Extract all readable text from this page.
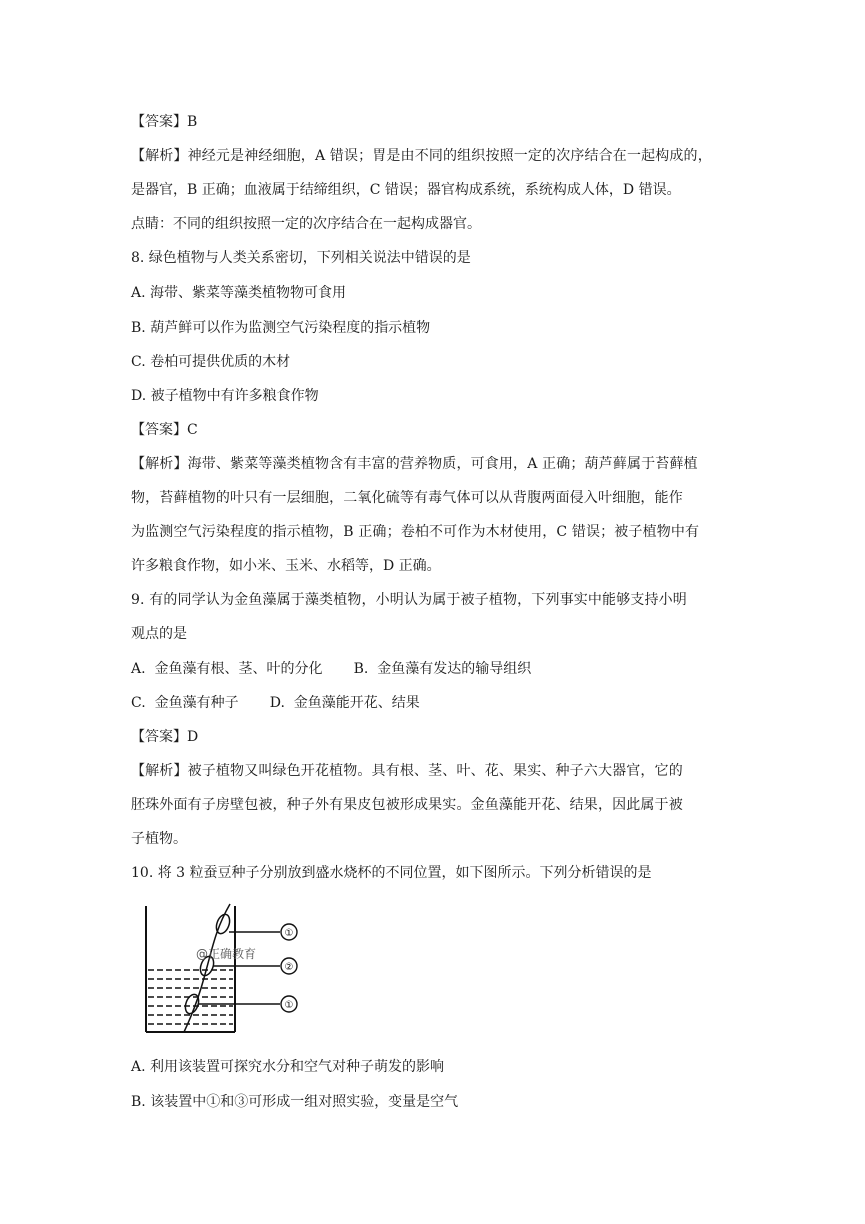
【答案】B
【解析】神经元是神经细胞，A 错误；胃是由不同的组织按照一定的次序结合在一起构成的，
是器官，B 正确；血液属于结缔组织，C 错误；器官构成系统，系统构成人体，D 错误。
点睛：不同的组织按照一定的次序结合在一起构成器官。
8. 绿色植物与人类关系密切，下列相关说法中错误的是
A. 海带、紫菜等藻类植物物可食用
B. 葫芦鲜可以作为监测空气污染程度的指示植物
C. 卷柏可提供优质的木材
D. 被子植物中有许多粮食作物
【答案】C
【解析】海带、紫菜等藻类植物含有丰富的营养物质，可食用，A 正确；葫芦藓属于苔藓植
物，苔藓植物的叶只有一层细胞，二氧化硫等有毒气体可以从背腹两面侵入叶细胞，能作
为监测空气污染程度的指示植物，B 正确；卷柏不可作为木材使用，C 错误；被子植物中有
许多粮食作物，如小米、玉米、水稻等，D 正确。
9. 有的同学认为金鱼藻属于藻类植物，小明认为属于被子植物，下列事实中能够支持小明
观点的是
A.  金鱼藻有根、茎、叶的分化       B.  金鱼藻有发达的输导组织
C.  金鱼藻有种子       D.  金鱼藻能开花、结果
【答案】D
【解析】被子植物又叫绿色开花植物。具有根、茎、叶、花、果实、种子六大器官，它的
胚珠外面有子房壁包被，种子外有果皮包被形成果实。金鱼藻能开花、结果，因此属于被
子植物。
10. 将 3 粒蚕豆种子分别放到盛水烧杯的不同位置，如下图所示。下列分析错误的是
①
②
①
@正确教育
A. 利用该装置可探究水分和空气对种子萌发的影响
B. 该装置中①和③可形成一组对照实验，变量是空气
